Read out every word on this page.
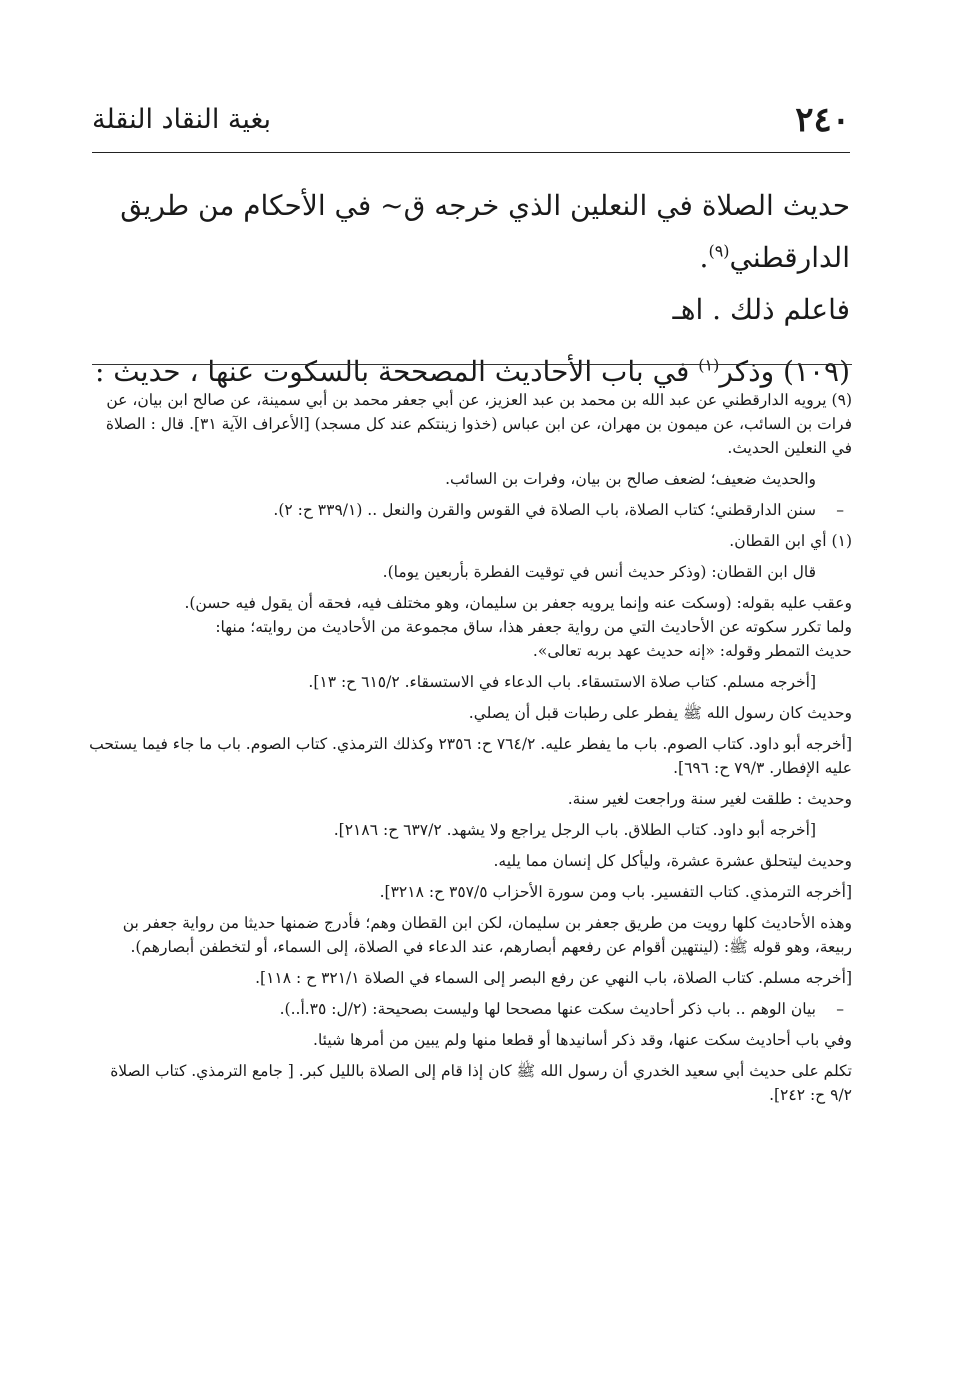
٢٤٠
بغية النقاد النقلة

حديث الصلاة في النعلين الذي خرجه ق~ في الأحكام من طريق الدارقطني$^{(٩)}$.

فاعلم ذلك . اهـ

(١٠٩) وذكر$^{(١)}$ في باب الأحاديث المصححة بالسكوت عنها ، حديث :

(٩) يرويه الدارقطني عن عبد الله بن محمد بن عبد العزيز، عن أبي جعفر محمد بن أبي سمينة، عن صالح ابن بيان، عن فرات بن السائب، عن ميمون بن مهران، عن ابن عباس (خذوا زينتكم عند كل مسجد) [الأعراف الآية ٣١]. قال : الصلاة في النعلين الحديث.

والحديث ضعيف؛ لضعف صالح بن بيان، وفرات بن السائب.

–
سنن الدارقطني؛ كتاب الصلاة، باب الصلاة في القوس والقرن والنعل .. (٣٣٩/١ ح: ٢).

(١) أي ابن القطان.

قال ابن القطان: (وذكر حديث أنس في توقيت الفطرة بأربعين يوما).

وعقب عليه بقوله: (وسكت عنه وإنما يرويه جعفر بن سليمان، وهو مختلف فيه، فحقه أن يقول فيه حسن).

ولما تكرر سكوته عن الأحاديث التي من رواية جعفر هذا، ساق مجموعة من الأحاديث من روايته؛ منها:

حديث التمطر وقوله: «إنه حديث عهد بربه تعالى».

[أخرجه مسلم. كتاب صلاة الاستسقاء. باب الدعاء في الاستسقاء. ٦١٥/٢ ح: ١٣].

وحديث كان رسول الله ﷺ يفطر على رطبات قبل أن يصلي.

[أخرجه أبو داود. كتاب الصوم. باب ما يفطر عليه. ٧٦٤/٢ ح: ٢٣٥٦ وكذلك الترمذي. كتاب الصوم. باب ما جاء فيما يستحب عليه الإفطار. ٧٩/٣ ح: ٦٩٦].

وحديث : طلقت لغير سنة وراجعت لغير سنة.

[أخرجه أبو داود. كتاب الطلاق. باب الرجل يراجع ولا يشهد. ٦٣٧/٢ ح: ٢١٨٦].

وحديث ليتحلق عشرة عشرة، وليأكل كل إنسان مما يليه.

[أخرجه الترمذي. كتاب التفسير. باب ومن سورة الأحزاب ٣٥٧/٥ ح: ٣٢١٨].

وهذه الأحاديث كلها رويت من طريق جعفر بن سليمان، لكن ابن القطان وهم؛ فأدرج ضمنها حديثا من رواية جعفر بن ربيعة، وهو قوله ﷺ: (لينتهين أقوام عن رفعهم أبصارهم، عند الدعاء في الصلاة، إلى السماء، أو لتخطفن أبصارهم).

[أخرجه مسلم. كتاب الصلاة، باب النهي عن رفع البصر إلى السماء في الصلاة ٣٢١/١ ح : ١١٨].

–
بيان الوهم .. باب ذكر أحاديث سكت عنها مصححا لها وليست بصحيحة: (٢/ل: ٣٥.أ..).

وفي باب أحاديث سكت عنها، وقد ذكر أسانيدها أو قطعا منها ولم يبين من أمرها شيئا.

تكلم على حديث أبي سعيد الخدري أن رسول الله ﷺ كان إذا قام إلى الصلاة بالليل كبر. [ جامع الترمذي. كتاب الصلاة ٩/٢ ح: ٢٤٢].
